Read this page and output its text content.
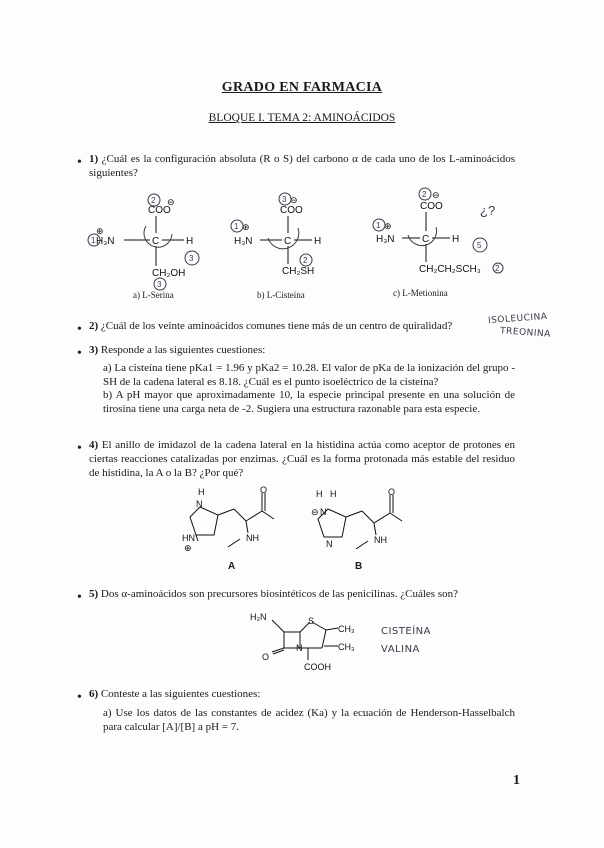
GRADO EN FARMACIA
BLOQUE I. TEMA 2: AMINOÁCIDOS
• 1) ¿Cuál es la configuración absoluta (R o S) del carbono α de cada uno de los L-aminoácidos siguientes?
COO
⊖
H₃N
⊕
C	H
CH₂OH
2
1
3
3
a) L-Serina
COO
⊖
H₃N
⊕
C H
CH₂SH
3
1
2
b) L-Cisteína
COO
⊖
H₃N
⊕
C H
CH₂CH₂SCH₃
2
1
5
2
¿?
c) L-Metionina
• 2) ¿Cuál de los veinte aminoácidos comunes tiene más de un centro de quiralidad?	ISOLEUCINA
TREONINA
• 3) Responde a las siguientes cuestiones:
a) La cisteína tiene pKa1 = 1.96 y pKa2 = 10.28. El valor de pKa de la ionización del grupo -SH de la cadena lateral es 8.18. ¿Cuál es el punto isoeléctrico de la cisteína?
b) A pH mayor que aproximadamente 10, la especie principal presente en una solución de tirosina tiene una carga neta de -2. Sugiera una estructura razonable para esta especie.
• 4) El anillo de imidazol de la cadena lateral en la histidina actúa como aceptor de protones en ciertas reacciones catalizadas por enzimas. ¿Cuál es la forma protonada más estable del residuo de histidina, la A o la B? ¿Por qué?
H
N
HN
⊕
NH
O
A
H H
⊖ N
N	NH
O
B
• 5) Dos α-aminoácidos son precursores biosintéticos de las penicilinas. ¿Cuáles son?
H₂N	S
CH₃
CH₃
N
O
COOH
CISTEÍNA
VALINA
• 6) Conteste a las siguientes cuestiones:
a) Use los datos de las constantes de acidez (Ka) y la ecuación de Henderson-Hasselbalch para calcular [A]/[B] a pH = 7.
1
